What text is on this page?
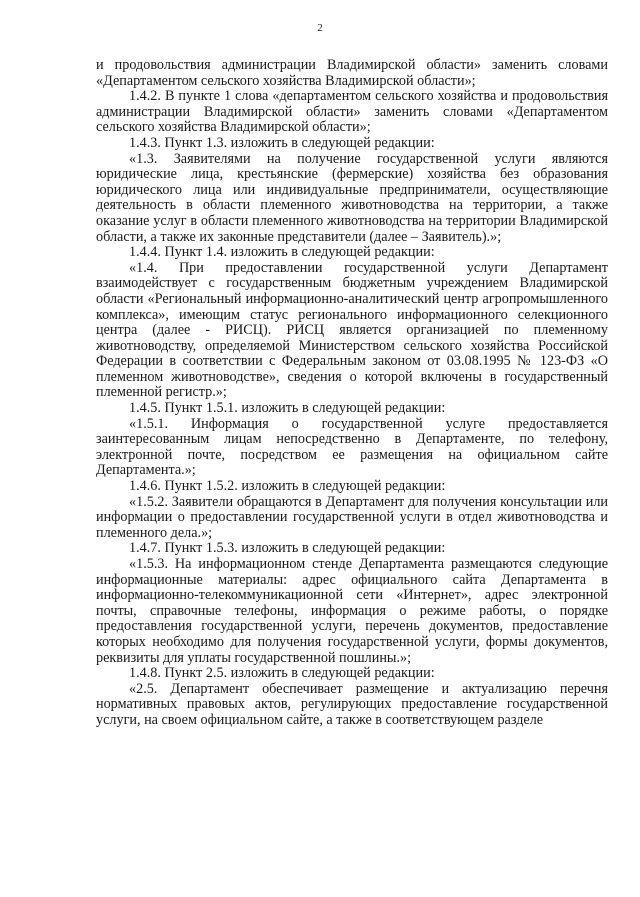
2

и продовольствия администрации Владимирской области» заменить словами «Департаментом сельского хозяйства Владимирской области»;

1.4.2. В пункте 1 слова «департаментом сельского хозяйства и продовольствия администрации Владимирской области» заменить словами «Департаментом сельского хозяйства Владимирской области»;

1.4.3. Пункт 1.3. изложить в следующей редакции:

«1.3. Заявителями на получение государственной услуги являются юридические лица, крестьянские (фермерские) хозяйства без образования юридического лица или индивидуальные предприниматели, осуществляющие деятельность в области племенного животноводства на территории, а также оказание услуг в области племенного животноводства на территории Владимирской области, а также их законные представители (далее – Заявитель).»;

1.4.4. Пункт 1.4. изложить в следующей редакции:

«1.4. При предоставлении государственной услуги Департамент взаимодействует с государственным бюджетным учреждением Владимирской области «Региональный информационно-аналитический центр агропромышленного комплекса», имеющим статус регионального информационного селекционного центра (далее - РИСЦ). РИСЦ является организацией по племенному животноводству, определяемой Министерством сельского хозяйства Российской Федерации в соответствии с Федеральным законом от 03.08.1995 № 123-ФЗ «О племенном животноводстве», сведения о которой включены в государственный племенной регистр.»;

1.4.5. Пункт 1.5.1. изложить в следующей редакции:

«1.5.1. Информация о государственной услуге предоставляется заинтересованным лицам непосредственно в Департаменте, по телефону, электронной почте, посредством ее размещения на официальном сайте Департамента.»;

1.4.6. Пункт 1.5.2. изложить в следующей редакции:

«1.5.2. Заявители обращаются в Департамент для получения консультации или информации о предоставлении государственной услуги в отдел животноводства и племенного дела.»;

1.4.7. Пункт 1.5.3. изложить в следующей редакции:

«1.5.3. На информационном стенде Департамента размещаются следующие информационные материалы: адрес официального сайта Департамента в информационно-телекоммуникационной сети «Интернет», адрес электронной почты, справочные телефоны, информация о режиме работы, о порядке предоставления государственной услуги, перечень документов, предоставление которых необходимо для получения государственной услуги, формы документов, реквизиты для уплаты государственной пошлины.»;

1.4.8. Пункт 2.5. изложить в следующей редакции:

«2.5. Департамент обеспечивает размещение и актуализацию перечня нормативных правовых актов, регулирующих предоставление государственной услуги, на своем официальном сайте, а также в соответствующем разделе
